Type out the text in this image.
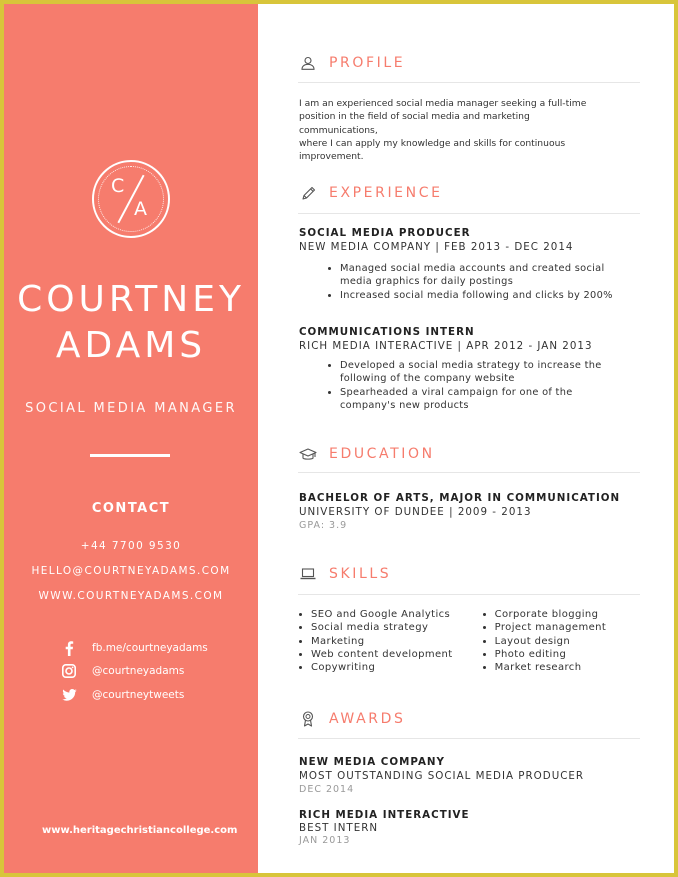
C
A
COURTNEY
ADAMS
SOCIAL MEDIA MANAGER
CONTACT
+44 7700 9530
HELLO@COURTNEYADAMS.COM
WWW.COURTNEYADAMS.COM
fb.me/courtneyadams
@courtneyadams
@courtneytweets
www.heritagechristiancollege.com
PROFILE
I am an experienced social media manager seeking a full-time
position in the field of social media and marketing communications,
where I can apply my knowledge and skills for continuous
improvement.
EXPERIENCE
SOCIAL MEDIA PRODUCER
NEW MEDIA COMPANY | FEB 2013 - DEC 2014
• Managed social media accounts and created social media graphics for daily postings
• Increased social media following and clicks by 200%
COMMUNICATIONS INTERN
RICH MEDIA INTERACTIVE | APR 2012 - JAN 2013
• Developed a social media strategy to increase the following of the company website
• Spearheaded a viral campaign for one of the company's new products
EDUCATION
BACHELOR OF ARTS, MAJOR IN COMMUNICATION
UNIVERSITY OF DUNDEE | 2009 - 2013
GPA: 3.9
SKILLS
• SEO and Google Analytics
• Social media strategy
• Marketing
• Web content development
• Copywriting
• Corporate blogging
• Project management
• Layout design
• Photo editing
• Market research
AWARDS
NEW MEDIA COMPANY
MOST OUTSTANDING SOCIAL MEDIA PRODUCER
DEC 2014
RICH MEDIA INTERACTIVE
BEST INTERN
JAN 2013
